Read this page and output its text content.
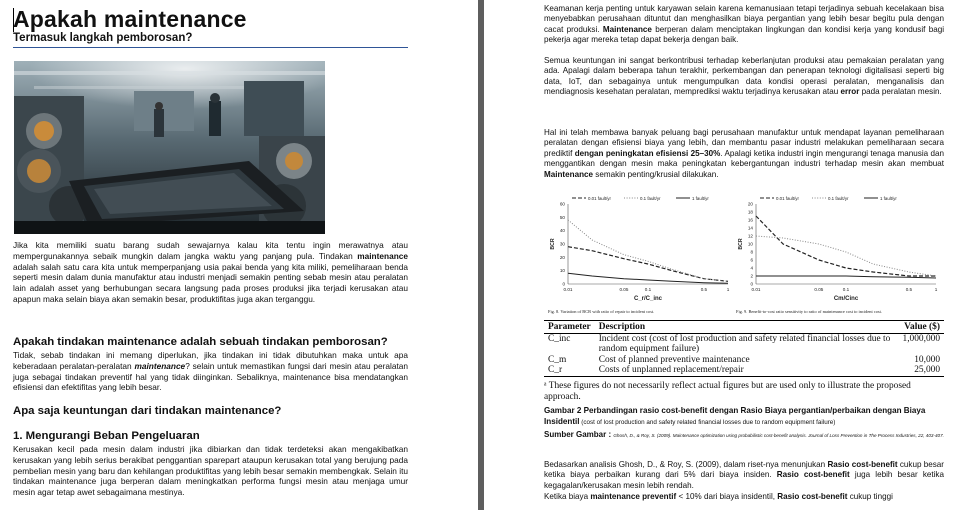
Apakah maintenance
Termasuk langkah pemborosan?
Jika kita memiliki suatu barang sudah sewajarnya kalau kita tentu ingin merawatnya atau mempergunakannya sebaik mungkin dalam jangka waktu yang panjang pula. Tindakan maintenance adalah salah satu cara kita untuk memperpanjang usia pakai benda yang kita miliki, pemeliharaan benda seperti mesin dalam dunia manufaktur atau industri menjadi semakin penting sebab mesin atau peralatan lain adalah asset yang berhubungan secara langsung pada proses produksi jika terjadi kerusakan atau apapun maka selain biaya akan semakin besar, produktifitas juga akan terganggu.
Apakah tindakan maintenance adalah sebuah tindakan pemborosan?
Tidak, sebab tindakan ini memang diperlukan, jika tindakan ini tidak dibutuhkan maka untuk apa keberadaan peralatan-peralatan maintenance? selain untuk memastikan fungsi dari mesin atau peralatan juga sebagai tindakan preventif hal yang tidak diinginkan. Sebaliknya, maintenance bisa mendatangkan efisiensi dan efektifitas yang lebih besar.
Apa saja keuntungan dari tindakan maintenance?
1. Mengurangi Beban Pengeluaran
Kerusakan kecil pada mesin dalam industri jika dibiarkan dan tidak terdeteksi akan mengakibatkan kerusakan yang lebih serius berakibat penggantian sparepart ataupun kerusakan total yang berujung pada pembelian mesin yang baru dan kehilangan produktifitas yang lebih besar semakin membengkak. Selain itu tindakan maintenance juga berperan dalam meningkatkan performa fungsi mesin atau menjaga umur mesin agar tetap awet sebagaimana mestinya.
Keamanan kerja penting untuk karyawan selain karena kemanusiaan tetapi terjadinya sebuah kecelakaan bisa menyebabkan perusahaan dituntut dan menghasilkan biaya pergantian yang lebih besar begitu pula dengan cacat produksi. Maintenance berperan dalam menciptakan lingkungan dan kondisi kerja yang kondusif bagi pekerja agar mereka tetap dapat bekerja dengan baik.
Semua keuntungan ini sangat berkontribusi terhadap keberlanjutan produksi atau pemakaian peralatan yang ada. Apalagi dalam beberapa tahun terakhir, perkembangan dan penerapan teknologi digitalisasi seperti big data, IoT, dan sebagainya untuk mengumpulkan data kondisi operasi peralatan, menganalisis dan mendiagnosis kesehatan peralatan, memprediksi waktu terjadinya kerusakan atau error pada peralatan mesin.
Hal ini telah membawa banyak peluang bagi perusahaan manufaktur untuk mendapat layanan pemeliharaan peralatan dengan efisiensi biaya yang lebih, dan membantu pasar industri melakukan pemeliharaan secara prediktif dengan peningkatan efisiensi 25–30%. Apalagi ketika industri ingin mengurangi tenaga manusia dan menggantikan dengan mesin maka peningkatan kebergantungan industri terhadap mesin akan membuat Maintenance semakin penting/krusial dilakukan.
0.01 fault/yr	0.1 fault/yr	1 fault/yr
0
10
20
30
40
50
60
0.01	0.05	0.1	0.5	1
BCR
C_r/C_inc
Fig. 8. Variation of BCR with ratio of repair to incident cost.
0.01 fault/yr	0.1 fault/yr	1 fault/yr
0
2
4
6
8
10
12
14
16
18
20
0.01	0.05	0.1	0.5	1
BCR
Cm/Cinc
Fig. 9. Benefit-to-cost ratio sensitivity to ratio of maintenance cost to incident cost.
Parameter	Description	Value ($)
C_inc	Incident cost (cost of lost production and safety related financial losses due to random equipment failure)	1,000,000
C_m	Cost of planned preventive maintenance	10,000
C_r	Costs of unplanned replacement/repair	25,000
ᵃ These figures do not necessarily reflect actual figures but are used only to illustrate the proposed approach.
Gambar 2 Perbandingan rasio cost-benefit dengan Rasio Biaya pergantian/perbaikan dengan Biaya Insidentil (cost of lost production and safety related financial losses due to random equipment failure)
Sumber Gambar : Ghosh, D., & Roy, S. (2009). Maintenance optimization using probabilistic cost-benefit analysis. Journal of Loss Prevention in The Process Industries, 22, 403-407.
Bedasarkan analisis Ghosh, D., & Roy, S. (2009), dalam riset-nya menunjukan Rasio cost-benefit cukup besar ketika biaya perbaikan kurang dari 5% dari biaya insiden. Rasio cost-benefit juga lebih besar ketika kegagalan/kerusakan mesin lebih rendah.
Ketika biaya maintenance preventif < 10% dari biaya insidentil, Rasio cost-benefit cukup tinggi
